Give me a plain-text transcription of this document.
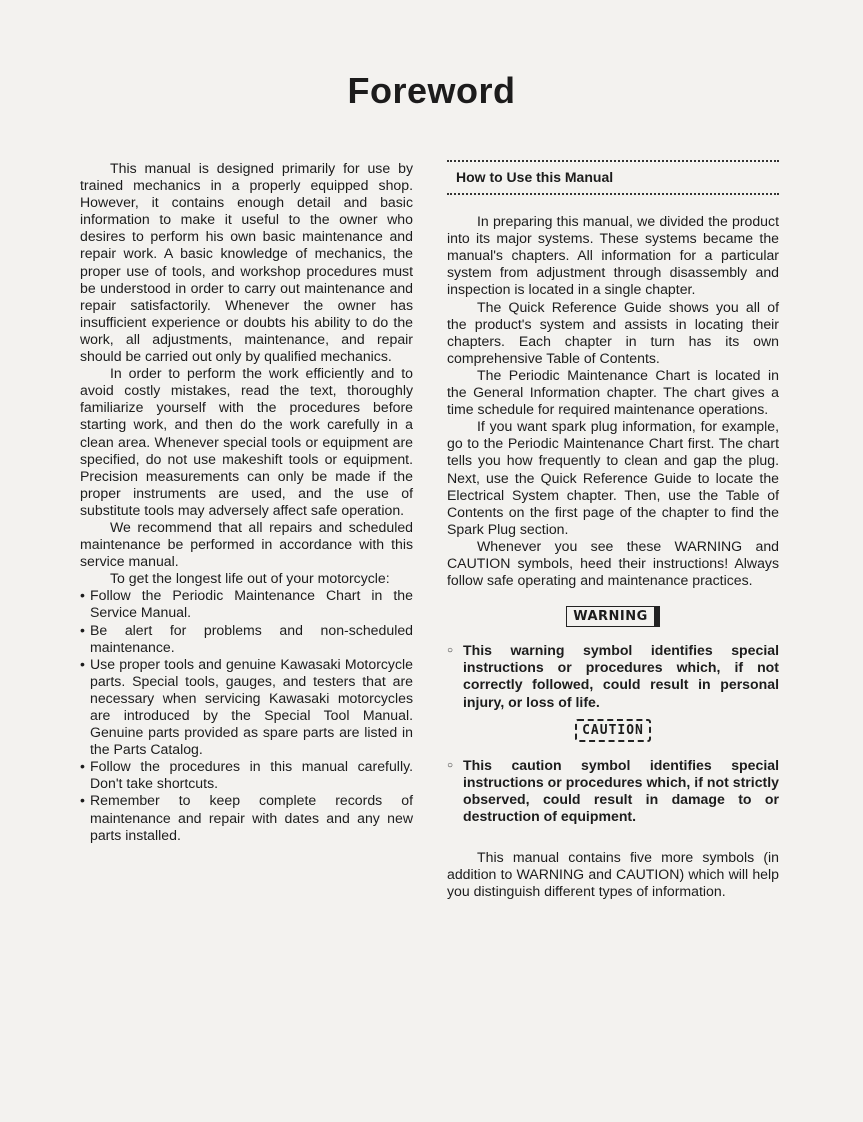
Foreword

This manual is designed primarily for use by trained mechanics in a properly equipped shop. However, it contains enough detail and basic information to make it useful to the owner who desires to perform his own basic maintenance and repair work. A basic knowledge of mechanics, the proper use of tools, and workshop procedures must be understood in order to carry out maintenance and repair satisfactorily. Whenever the owner has insufficient experience or doubts his ability to do the work, all adjustments, maintenance, and repair should be carried out only by qualified mechanics.

In order to perform the work efficiently and to avoid costly mistakes, read the text, thoroughly familiarize yourself with the procedures before starting work, and then do the work carefully in a clean area. Whenever special tools or equipment are specified, do not use makeshift tools or equipment. Precision measurements can only be made if the proper instruments are used, and the use of substitute tools may adversely affect safe operation.

We recommend that all repairs and scheduled maintenance be performed in accordance with this service manual.

To get the longest life out of your motorcycle:

• Follow the Periodic Maintenance Chart in the Service Manual.
• Be alert for problems and non-scheduled maintenance.
• Use proper tools and genuine Kawasaki Motorcycle parts. Special tools, gauges, and testers that are necessary when servicing Kawasaki motorcycles are introduced by the Special Tool Manual. Genuine parts provided as spare parts are listed in the Parts Catalog.
• Follow the procedures in this manual carefully. Don't take shortcuts.
• Remember to keep complete records of maintenance and repair with dates and any new parts installed.
How to Use this Manual

In preparing this manual, we divided the product into its major systems. These systems became the manual's chapters. All information for a particular system from adjustment through disassembly and inspection is located in a single chapter.

The Quick Reference Guide shows you all of the product's system and assists in locating their chapters. Each chapter in turn has its own comprehensive Table of Contents.

The Periodic Maintenance Chart is located in the General Information chapter. The chart gives a time schedule for required maintenance operations.

If you want spark plug information, for example, go to the Periodic Maintenance Chart first. The chart tells you how frequently to clean and gap the plug. Next, use the Quick Reference Guide to locate the Electrical System chapter. Then, use the Table of Contents on the first page of the chapter to find the Spark Plug section.

Whenever you see these WARNING and CAUTION symbols, heed their instructions! Always follow safe operating and maintenance practices.

WARNING

○ This warning symbol identifies special instructions or procedures which, if not correctly followed, could result in personal injury, or loss of life.

CAUTION

○ This caution symbol identifies special instructions or procedures which, if not strictly observed, could result in damage to or destruction of equipment.

This manual contains five more symbols (in addition to WARNING and CAUTION) which will help you distinguish different types of information.
